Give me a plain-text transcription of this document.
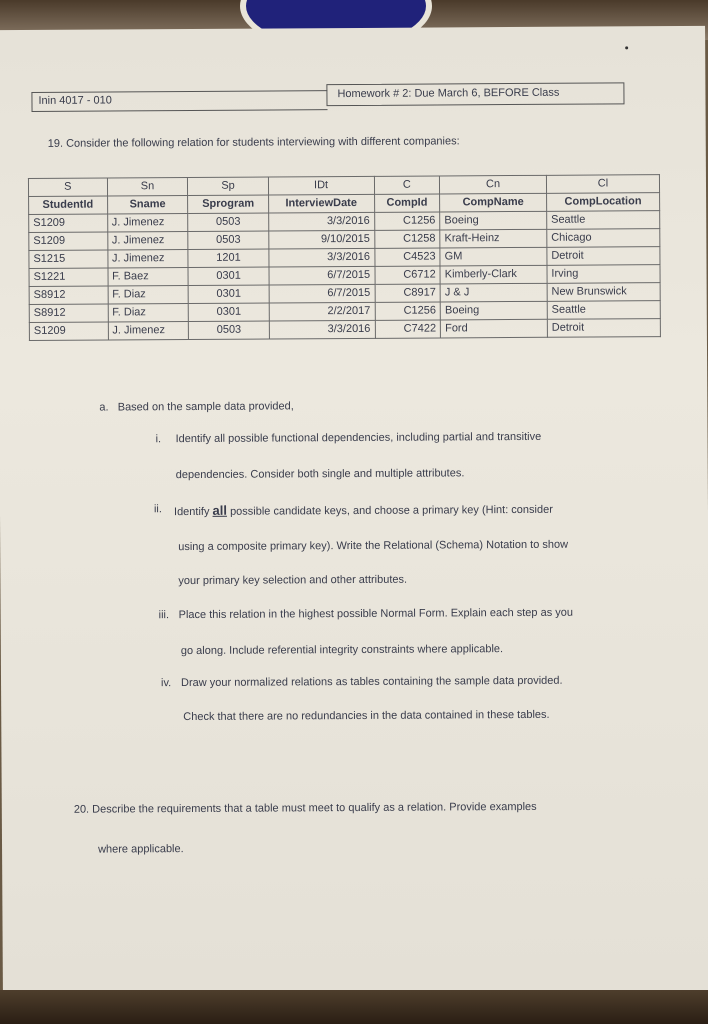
Inin 4017 - 010
Homework # 2: Due March 6, BEFORE Class
19. Consider the following relation for students interviewing with different companies:
S	Sn	Sp	IDt	C	Cn	Cl
StudentId	Sname	Sprogram	InterviewDate	CompId	CompName	CompLocation
S1209	J. Jimenez	0503	3/3/2016	C1256	Boeing	Seattle
S1209	J. Jimenez	0503	9/10/2015	C1258	Kraft-Heinz	Chicago
S1215	J. Jimenez	1201	3/3/2016	C4523	GM	Detroit
S1221	F. Baez	0301	6/7/2015	C6712	Kimberly-Clark	Irving
S8912	F. Diaz	0301	6/7/2015	C8917	J & J	New Brunswick
S8912	F. Diaz	0301	2/2/2017	C1256	Boeing	Seattle
S1209	J. Jimenez	0503	3/3/2016	C7422	Ford	Detroit
a. Based on the sample data provided,
i. Identify all possible functional dependencies, including partial and transitive
dependencies. Consider both single and multiple attributes.
ii. Identify all possible candidate keys, and choose a primary key (Hint: consider
using a composite primary key). Write the Relational (Schema) Notation to show
your primary key selection and other attributes.
iii. Place this relation in the highest possible Normal Form. Explain each step as you
go along. Include referential integrity constraints where applicable.
iv. Draw your normalized relations as tables containing the sample data provided.
Check that there are no redundancies in the data contained in these tables.
20. Describe the requirements that a table must meet to qualify as a relation. Provide examples
where applicable.
